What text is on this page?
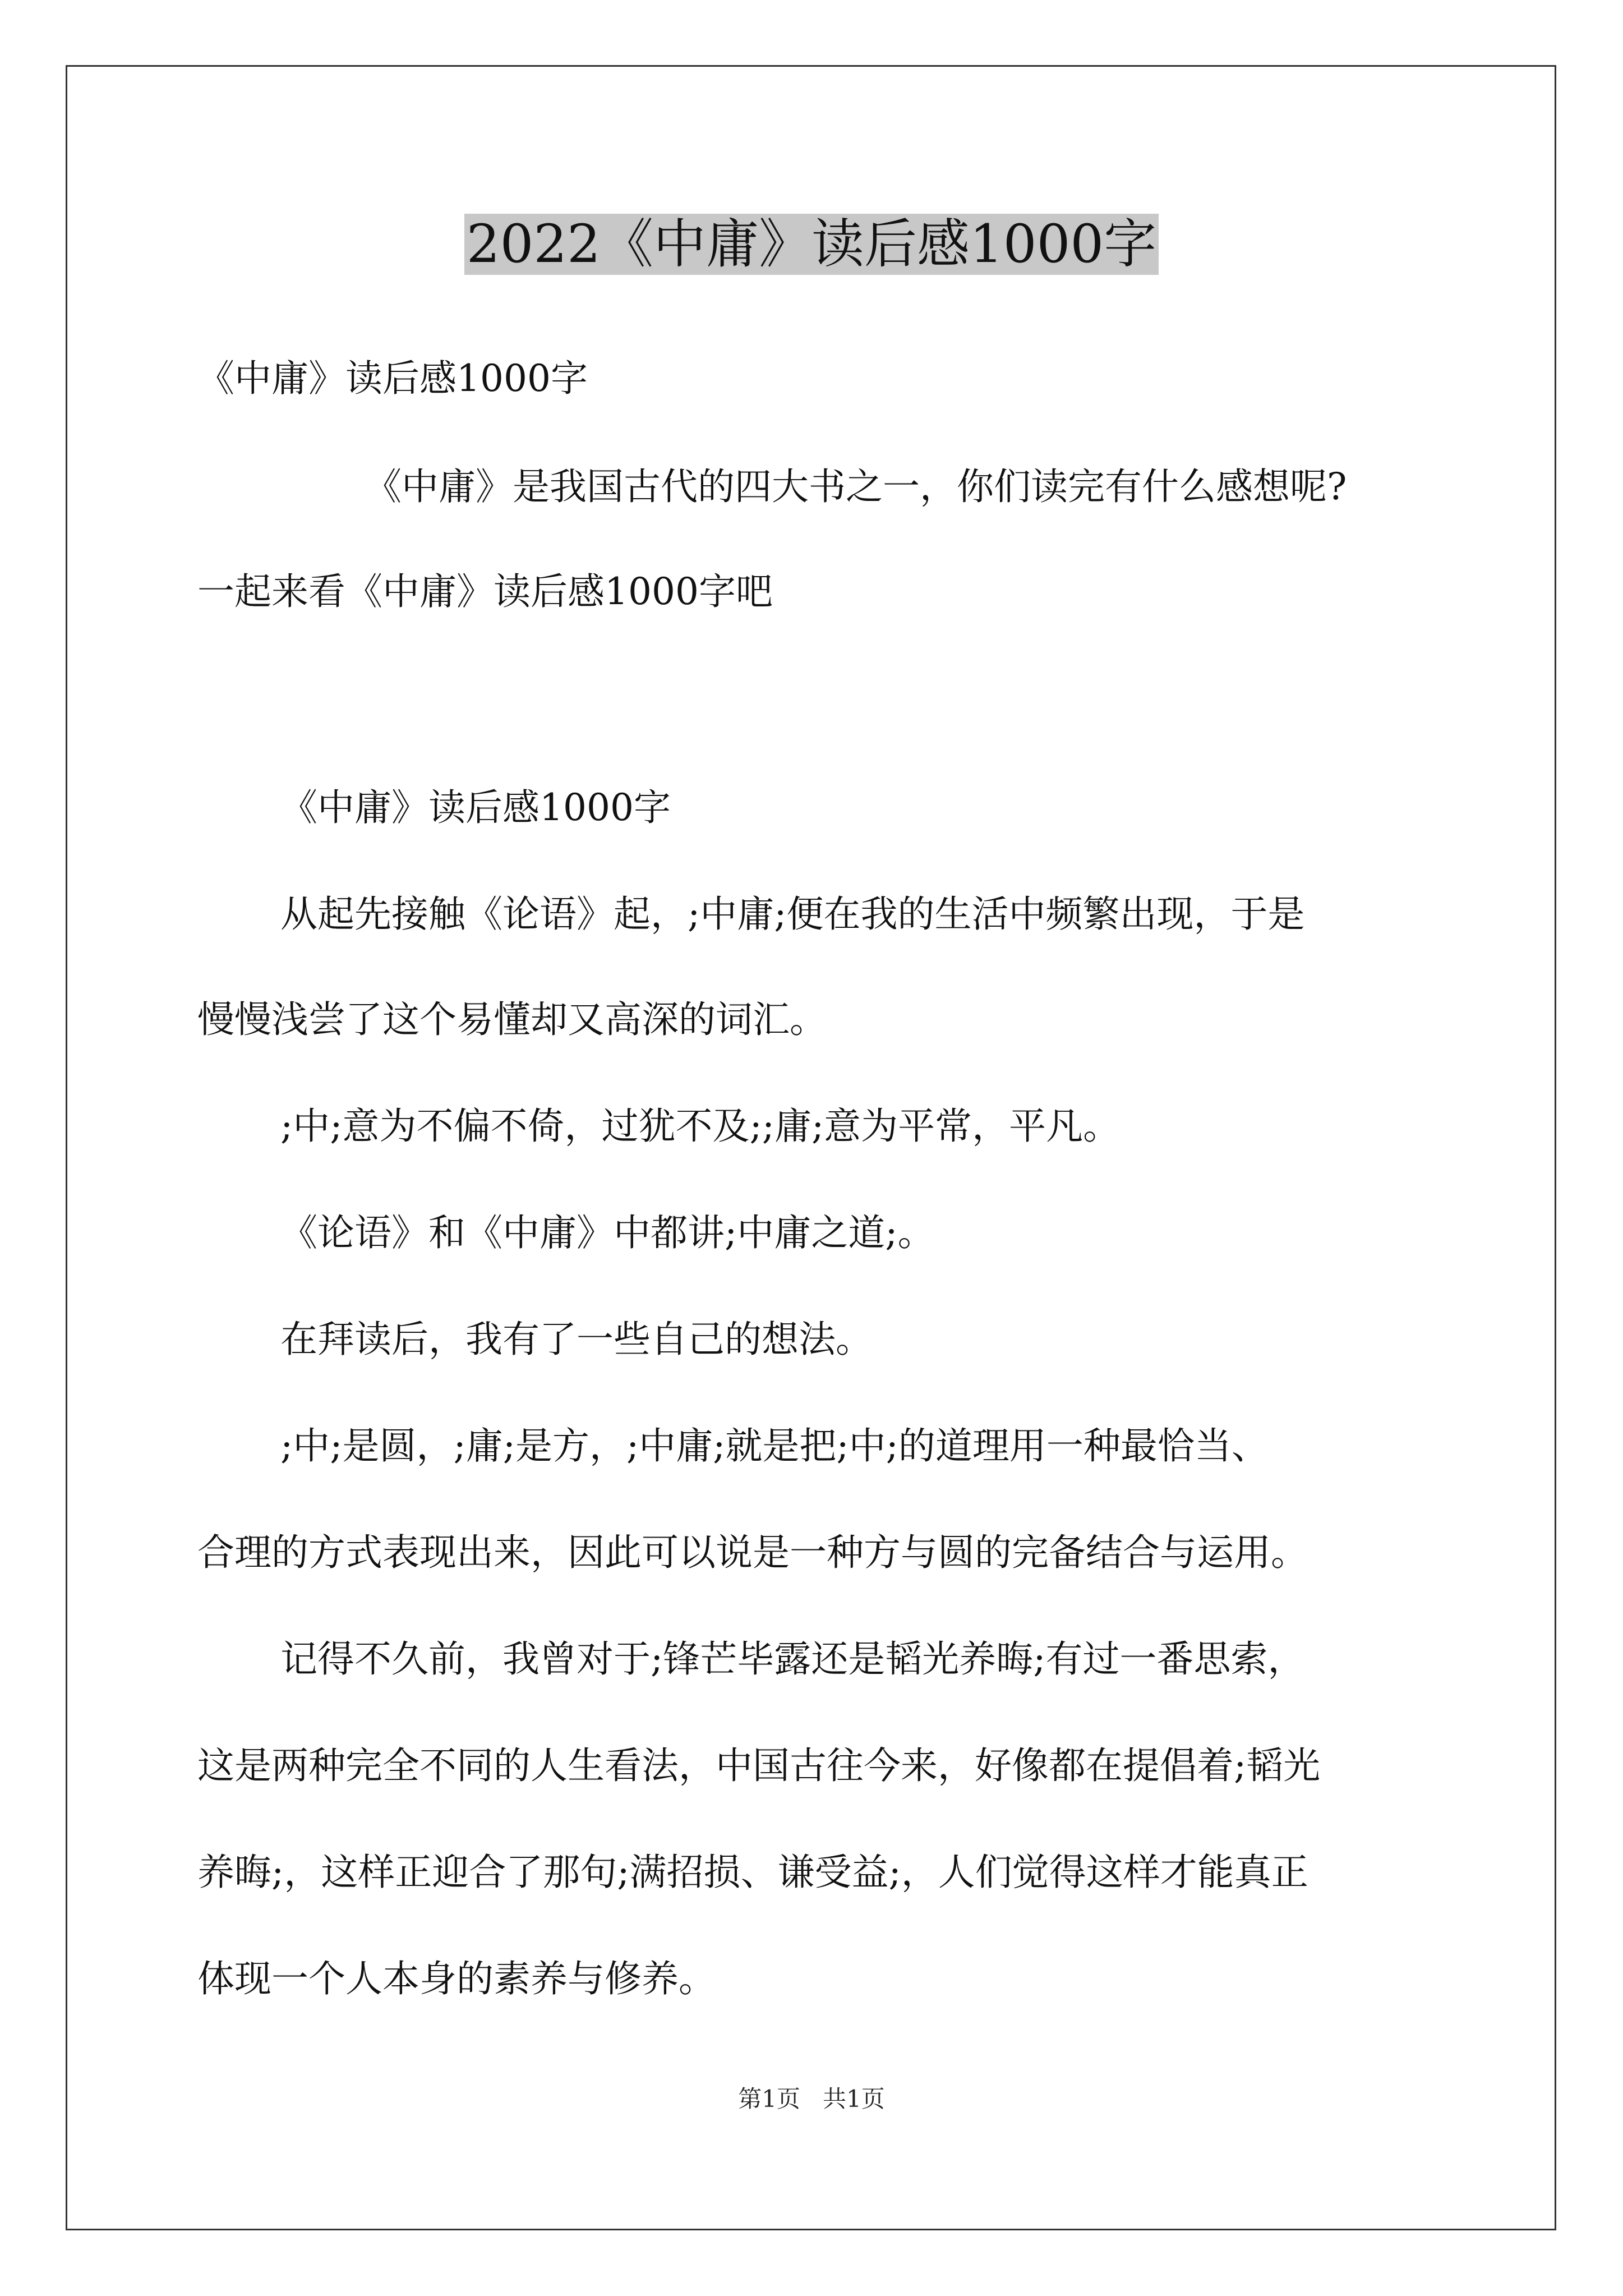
2022《中庸》读后感1000字
《中庸》读后感1000字
《中庸》是我国古代的四大书之一，你们读完有什么感想呢?
一起来看《中庸》读后感1000字吧
《中庸》读后感1000字
从起先接触《论语》起，;中庸;便在我的生活中频繁出现，于是
慢慢浅尝了这个易懂却又高深的词汇。
;中;意为不偏不倚，过犹不及;;庸;意为平常，平凡。
《论语》和《中庸》中都讲;中庸之道;。
在拜读后，我有了一些自己的想法。
;中;是圆，;庸;是方，;中庸;就是把;中;的道理用一种最恰当、
合理的方式表现出来，因此可以说是一种方与圆的完备结合与运用。
记得不久前，我曾对于;锋芒毕露还是韬光养晦;有过一番思索，
这是两种完全不同的人生看法，中国古往今来，好像都在提倡着;韬光
养晦;，这样正迎合了那句;满招损、谦受益;，人们觉得这样才能真正
体现一个人本身的素养与修养。
第1页   共1页
